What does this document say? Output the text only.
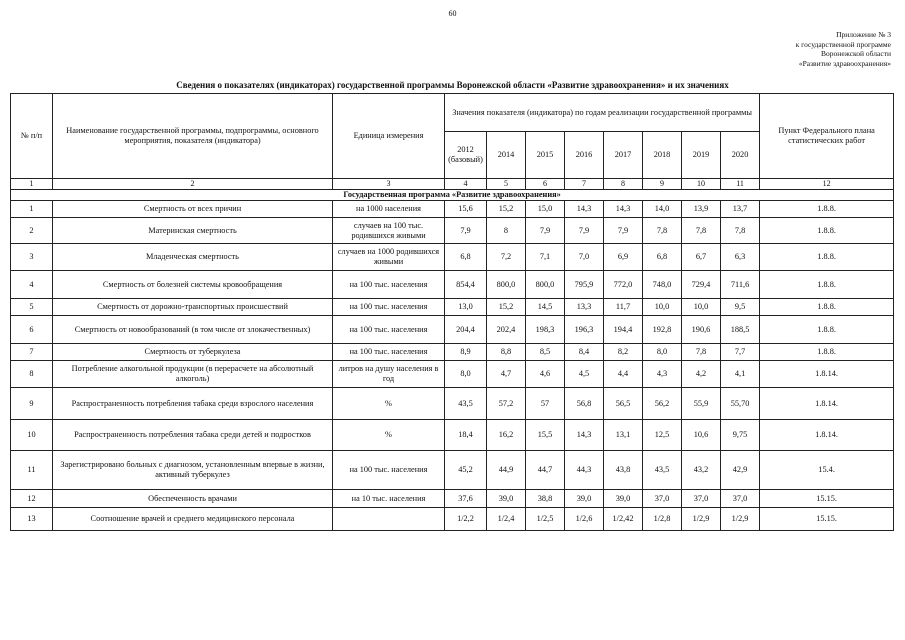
60
Приложение № 3
к государственной программе
Воронежской области
«Развитие здравоохранения»
Сведения о показателях (индикаторах) государственной программы Воронежской области «Развитие здравоохранения» и их значениях
№ п/п	Наименование государственной программы, подпрограммы, основного мероприятия, показателя (индикатора)	Единица измерения	Значения показателя (индикатора) по годам реализации государственной программы								Пункт Федерального плана статистических работ
			2012 (базовый)	2014	2015	2016	2017	2018	2019	2020	
1	2	3	4	5	6	7	8	9	10	11	12
Государственная программа «Развитие здравоохранения»											
1	Смертность от всех причин	на 1000 населения	15,6	15,2	15,0	14,3	14,3	14,0	13,9	13,7	1.8.8.
2	Материнская смертность	случаев на 100 тыс. родившихся живыми	7,9	8	7,9	7,9	7,9	7,8	7,8	7,8	1.8.8.
3	Младенческая смертность	случаев на 1000 родившихся живыми	6,8	7,2	7,1	7,0	6,9	6,8	6,7	6,3	1.8.8.
4	Смертность от болезней системы кровообращения	на 100 тыс. населения	854,4	800,0	800,0	795,9	772,0	748,0	729,4	711,6	1.8.8.
5	Смертность от дорожно-транспортных происшествий	на 100 тыс. населения	13,0	15,2	14,5	13,3	11,7	10,0	10,0	9,5	1.8.8.
6	Смертность от новообразований (в том числе от злокачественных)	на 100 тыс. населения	204,4	202,4	198,3	196,3	194,4	192,8	190,6	188,5	1.8.8.
7	Смертность от туберкулеза	на 100 тыс. населения	8,9	8,8	8,5	8,4	8,2	8,0	7,8	7,7	1.8.8.
8	Потребление алкогольной продукции (в перерасчете на абсолютный алкоголь)	литров на душу населения в год	8,0	4,7	4,6	4,5	4,4	4,3	4,2	4,1	1.8.14.
9	Распространенность потребления табака среди взрослого населения	%	43,5	57,2	57	56,8	56,5	56,2	55,9	55,70	1.8.14.
10	Распространенность потребления табака среди детей и подростков	%	18,4	16,2	15,5	14,3	13,1	12,5	10,6	9,75	1.8.14.
11	Зарегистрировано больных с диагнозом, установленным впервые в жизни, активный туберкулез	на 100 тыс. населения	45,2	44,9	44,7	44,3	43,8	43,5	43,2	42,9	15.4.
12	Обеспеченность врачами	на 10 тыс. населения	37,6	39,0	38,8	39,0	39,0	37,0	37,0	37,0	15.15.
13	Соотношение врачей и среднего медицинского персонала		1/2,2	1/2,4	1/2,5	1/2,6	1/2,42	1/2,8	1/2,9	1/2,9	15.15.
